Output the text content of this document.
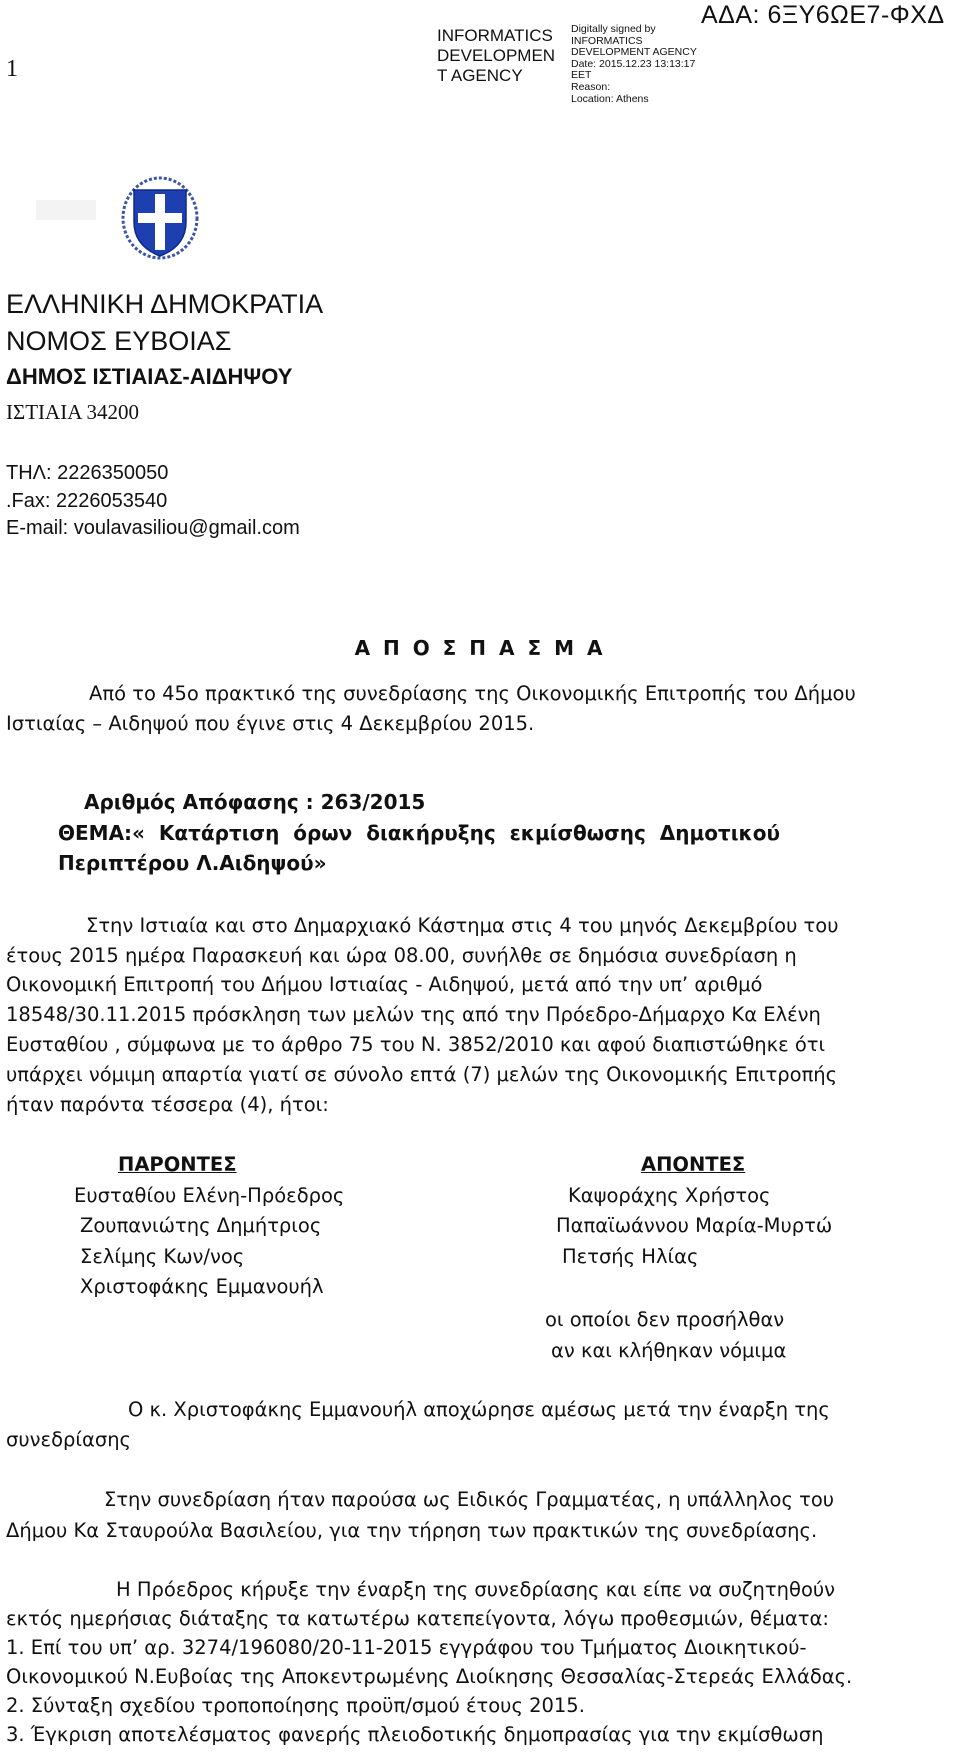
1
INFORMATICS DEVELOPMEN T AGENCY
Digitally signed by
INFORMATICS
DEVELOPMENT AGENCY
Date: 2015.12.23 13:13:17
EET
Reason:
Location: Athens
ΑΔΑ: 6ΞΥ6ΩΕ7-ΦΧΔ
ΕΛΛΗΝΙΚΗ ΔΗΜΟΚΡΑΤΙΑ
ΝΟΜΟΣ ΕΥΒΟΙΑΣ
ΔΗΜΟΣ ΙΣΤΙΑΙΑΣ-ΑΙΔΗΨΟΥ
ΙΣΤΙΑΙΑ 34200
ΤΗΛ: 2226350050
.Fax: 2226053540
E-mail: voulavasiliou@gmail.com
Α Π Ο Σ Π Α Σ Μ Α
Από το 45ο πρακτικό της συνεδρίασης της Οικονομικής Επιτροπής του Δήμου
Ιστιαίας – Αιδηψού που έγινε στις 4 Δεκεμβρίου 2015.
Αριθμός Απόφασης : 263/2015
ΘΕΜΑ:«  Κατάρτιση  όρων  διακήρυξης  εκμίσθωσης  Δημοτικού
Περιπτέρου Λ.Αιδηψού»
Στην Ιστιαία και στο Δημαρχιακό Κάστημα στις 4 του μηνός Δεκεμβρίου του
έτους 2015 ημέρα Παρασκευή και ώρα 08.00, συνήλθε σε δημόσια συνεδρίαση η
Οικονομική Επιτροπή του Δήμου Ιστιαίας - Αιδηψού, μετά από την υπ’ αριθμό
18548/30.11.2015 πρόσκληση των μελών της από την Πρόεδρο-Δήμαρχο Κα Ελένη
Ευσταθίου , σύμφωνα με το άρθρο 75 του Ν. 3852/2010 και αφού διαπιστώθηκε ότι
υπάρχει νόμιμη απαρτία γιατί σε σύνολο επτά (7) μελών της Οικονομικής Επιτροπής
ήταν παρόντα τέσσερα (4), ήτοι:
ΠΑΡΟΝΤΕΣ
Ευσταθίου Ελένη-Πρόεδρος
Ζουπανιώτης Δημήτριος
Σελίμης Κων/νος
Χριστοφάκης Εμμανουήλ
ΑΠΟΝΤΕΣ
Καψοράχης Χρήστος
Παπαϊωάννου Μαρία-Μυρτώ
Πετσής Ηλίας
οι οποίοι δεν προσήλθαν
αν και κλήθηκαν νόμιμα
Ο κ. Χριστοφάκης Εμμανουήλ αποχώρησε αμέσως μετά την έναρξη της
συνεδρίασης
Στην συνεδρίαση ήταν παρούσα ως Ειδικός Γραμματέας, η υπάλληλος του
Δήμου Κα Σταυρούλα Βασιλείου, για την τήρηση των πρακτικών της συνεδρίασης.
Η Πρόεδρος κήρυξε την έναρξη της συνεδρίασης και είπε να συζητηθούν
εκτός ημερήσιας διάταξης τα κατωτέρω κατεπείγοντα, λόγω προθεσμιών, θέματα:
1. Επί του υπ’ αρ. 3274/196080/20-11-2015 εγγράφου του Τμήματος Διοικητικού-
Οικονομικού Ν.Ευβοίας της Αποκεντρωμένης Διοίκησης Θεσσαλίας-Στερεάς Ελλάδας.
2. Σύνταξη σχεδίου τροποποίησης προϋπ/σμού έτους 2015.
3. Έγκριση αποτελέσματος φανερής πλειοδοτικής δημοπρασίας για την εκμίσθωση
